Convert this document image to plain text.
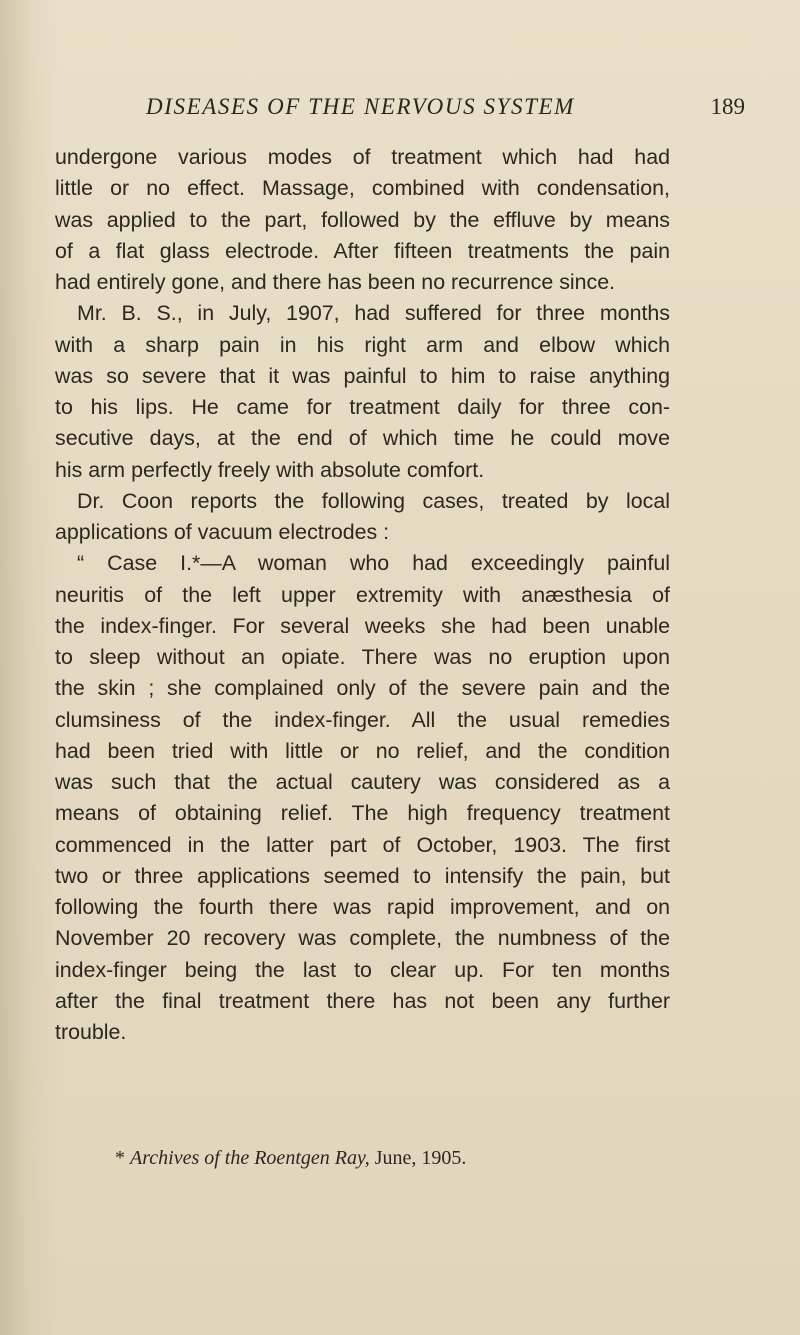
DISEASES OF THE NERVOUS SYSTEM	189
undergone various modes of treatment which had had
little or no effect. Massage, combined with condensation,
was applied to the part, followed by the effluve by means
of a flat glass electrode. After fifteen treatments the pain
had entirely gone, and there has been no recurrence since.
Mr. B. S., in July, 1907, had suffered for three months
with a sharp pain in his right arm and elbow which
was so severe that it was painful to him to raise anything
to his lips. He came for treatment daily for three con-
secutive days, at the end of which time he could move
his arm perfectly freely with absolute comfort.
Dr. Coon reports the following cases, treated by local
applications of vacuum electrodes :
“ Case I.*—A woman who had exceedingly painful
neuritis of the left upper extremity with anæsthesia of
the index-finger. For several weeks she had been unable
to sleep without an opiate. There was no eruption upon
the skin ; she complained only of the severe pain and the
clumsiness of the index-finger. All the usual remedies
had been tried with little or no relief, and the condition
was such that the actual cautery was considered as a
means of obtaining relief. The high frequency treatment
commenced in the latter part of October, 1903. The first
two or three applications seemed to intensify the pain, but
following the fourth there was rapid improvement, and on
November 20 recovery was complete, the numbness of the
index-finger being the last to clear up. For ten months
after the final treatment there has not been any further
trouble.
* Archives of the Roentgen Ray, June, 1905.
